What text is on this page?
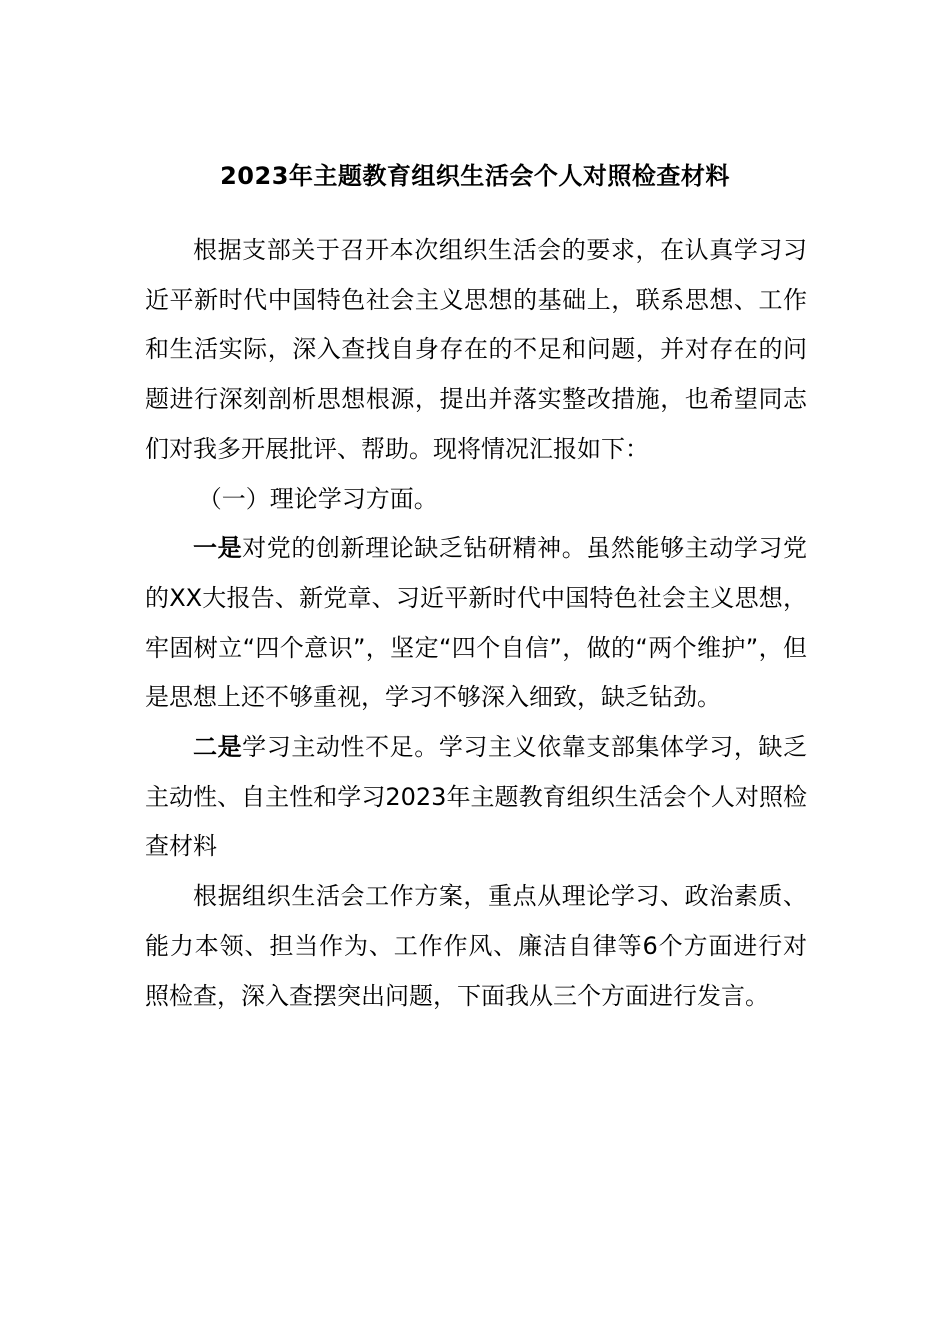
2023年主题教育组织生活会个人对照检查材料

根据支部关于召开本次组织生活会的要求，在认真学习习近平新时代中国特色社会主义思想的基础上，联系思想、工作和生活实际，深入查找自身存在的不足和问题，并对存在的问题进行深刻剖析思想根源，提出并落实整改措施，也希望同志们对我多开展批评、帮助。现将情况汇报如下：

（一）理论学习方面。

一是对党的创新理论缺乏钻研精神。虽然能够主动学习党的XX大报告、新党章、习近平新时代中国特色社会主义思想，牢固树立“四个意识”，坚定“四个自信”，做的“两个维护”，但是思想上还不够重视，学习不够深入细致，缺乏钻劲。

二是学习主动性不足。学习主义依靠支部集体学习，缺乏主动性、自主性和学习2023年主题教育组织生活会个人对照检查材料

根据组织生活会工作方案，重点从理论学习、政治素质、能力本领、担当作为、工作作风、廉洁自律等6个方面进行对照检查，深入查摆突出问题，下面我从三个方面进行发言。
